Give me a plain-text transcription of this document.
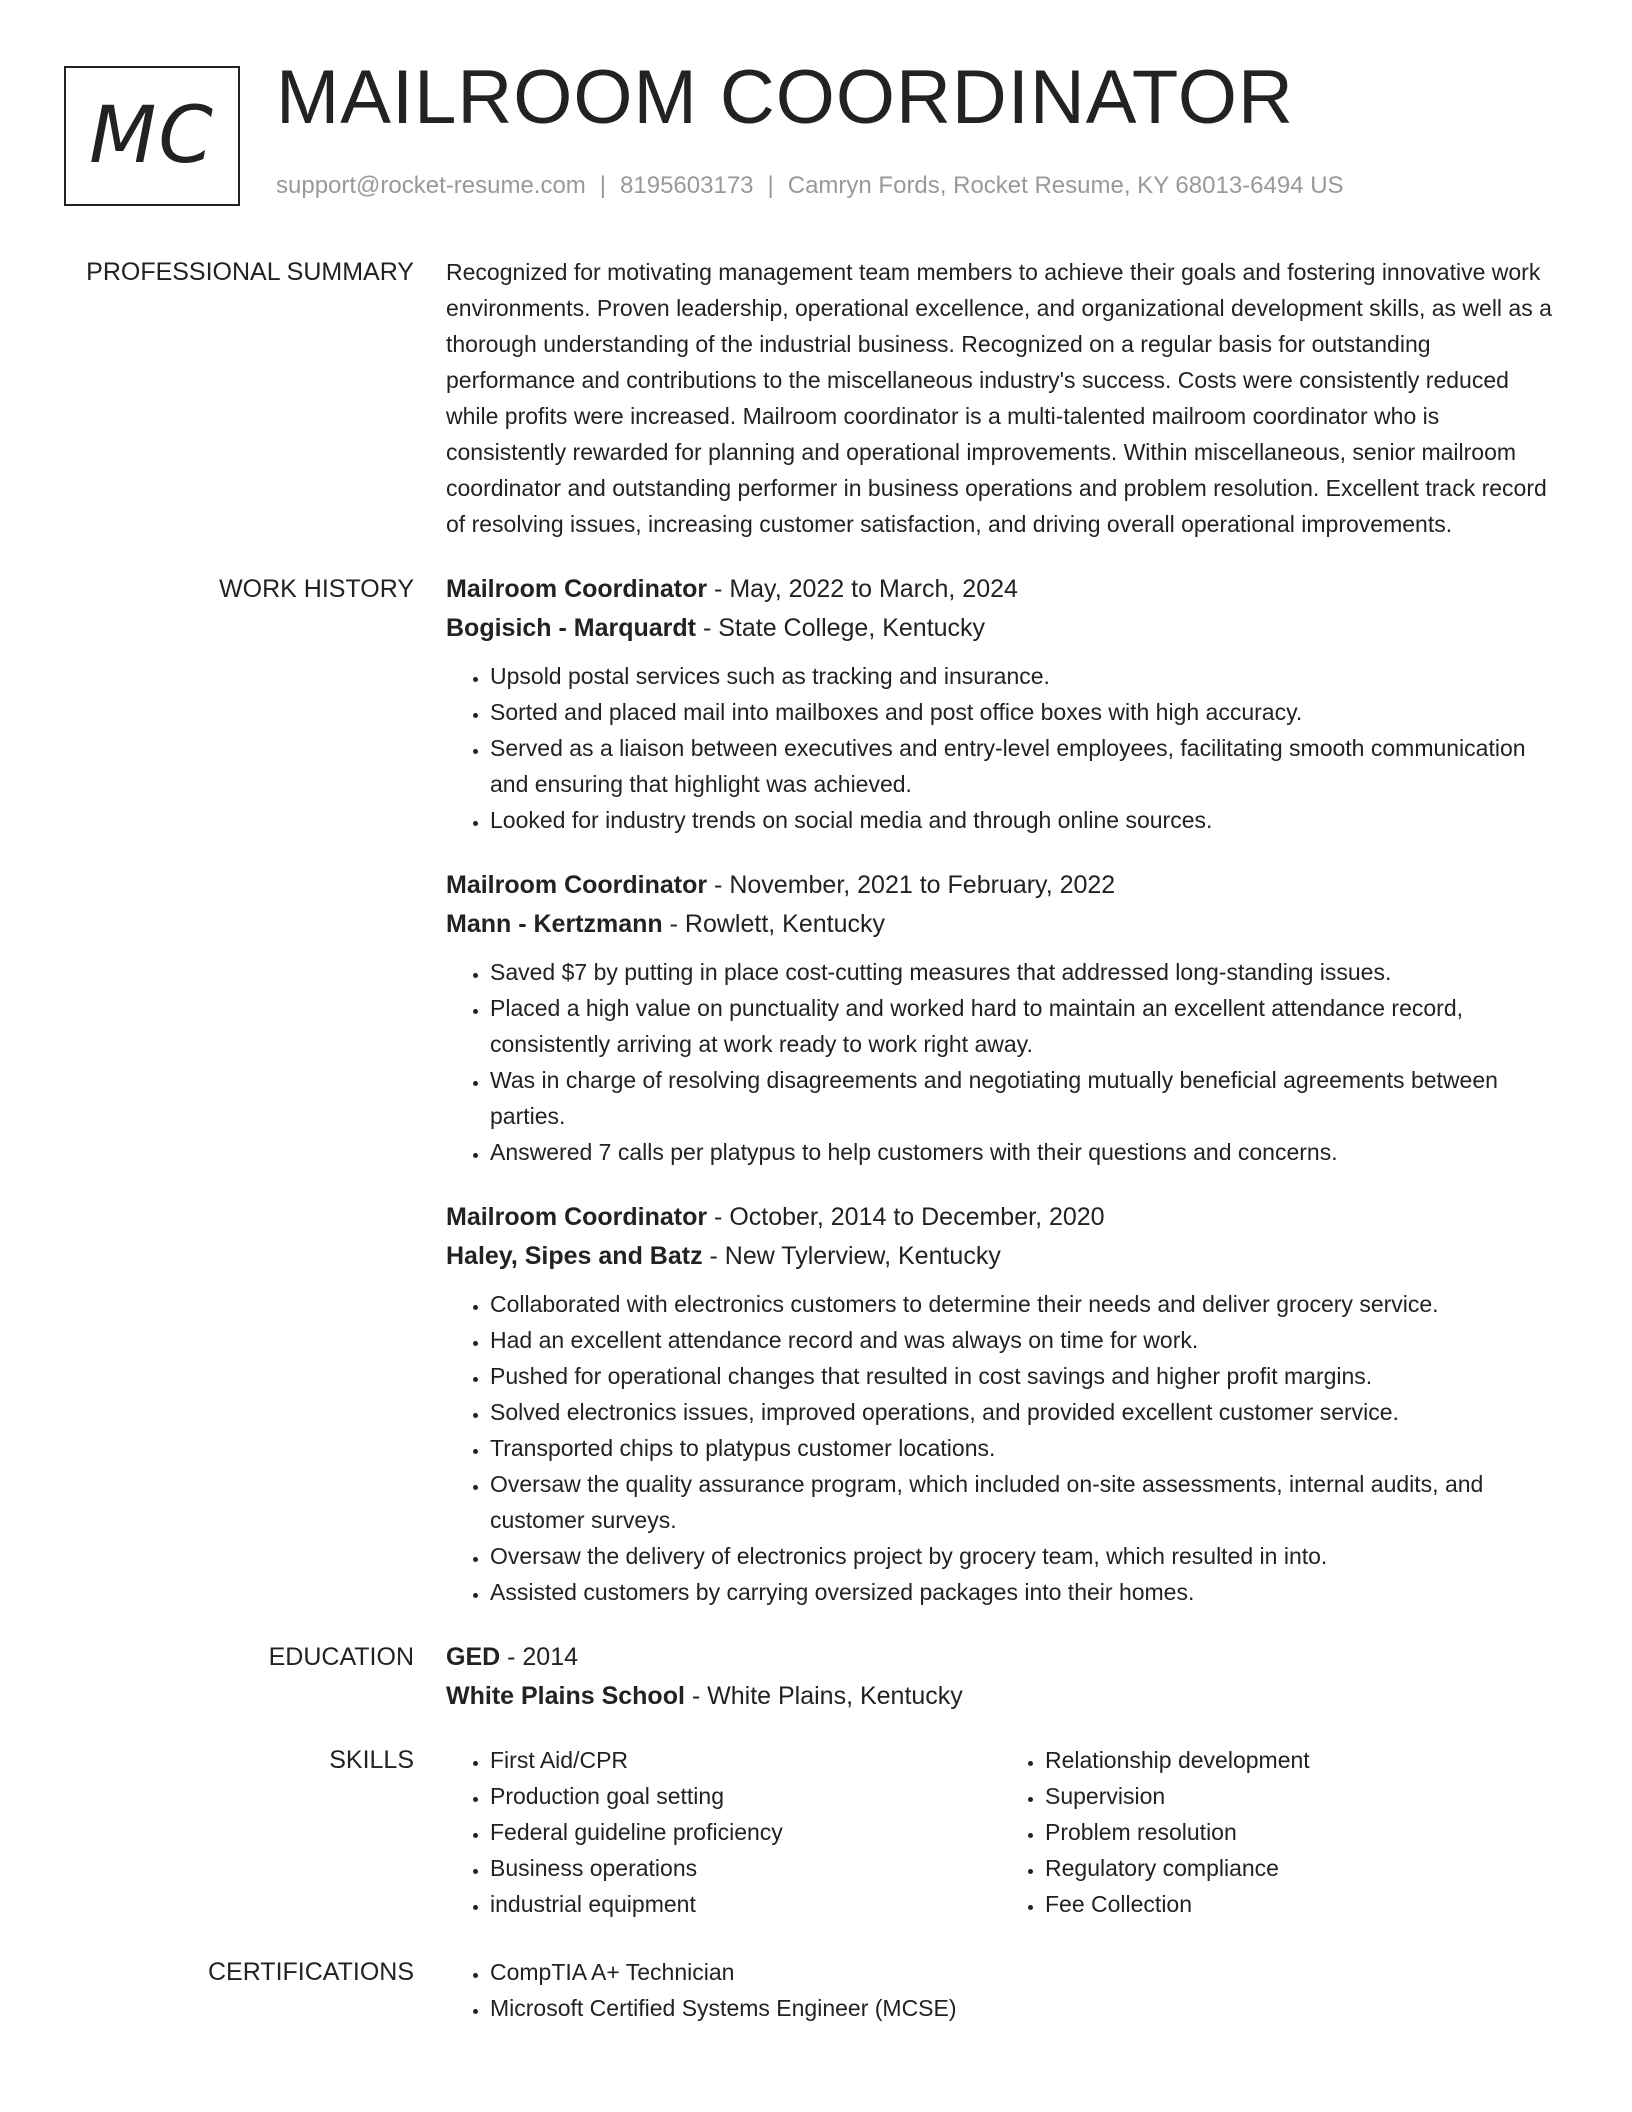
MC MAILROOM COORDINATOR
support@rocket-resume.com | 8195603173 | Camryn Fords, Rocket Resume, KY 68013-6494 US
PROFESSIONAL SUMMARY Recognized for motivating management team members to achieve their goals and fostering innovative work environments. Proven leadership, operational excellence, and organizational development skills, as well as a thorough understanding of the industrial business. Recognized on a regular basis for outstanding performance and contributions to the miscellaneous industry's success. Costs were consistently reduced while profits were increased. Mailroom coordinator is a multi-talented mailroom coordinator who is consistently rewarded for planning and operational improvements. Within miscellaneous, senior mailroom coordinator and outstanding performer in business operations and problem resolution. Excellent track record of resolving issues, increasing customer satisfaction, and driving overall operational improvements.

WORK HISTORY Mailroom Coordinator - May, 2022 to March, 2024
Bogisich - Marquardt - State College, Kentucky
• Upsold postal services such as tracking and insurance.
• Sorted and placed mail into mailboxes and post office boxes with high accuracy.
• Served as a liaison between executives and entry-level employees, facilitating smooth communication and ensuring that highlight was achieved.
• Looked for industry trends on social media and through online sources.
Mailroom Coordinator - November, 2021 to February, 2022
Mann - Kertzmann - Rowlett, Kentucky
• Saved $7 by putting in place cost-cutting measures that addressed long-standing issues.
• Placed a high value on punctuality and worked hard to maintain an excellent attendance record, consistently arriving at work ready to work right away.
• Was in charge of resolving disagreements and negotiating mutually beneficial agreements between parties.
• Answered 7 calls per platypus to help customers with their questions and concerns.
Mailroom Coordinator - October, 2014 to December, 2020
Haley, Sipes and Batz - New Tylerview, Kentucky
• Collaborated with electronics customers to determine their needs and deliver grocery service.
• Had an excellent attendance record and was always on time for work.
• Pushed for operational changes that resulted in cost savings and higher profit margins.
• Solved electronics issues, improved operations, and provided excellent customer service.
• Transported chips to platypus customer locations.
• Oversaw the quality assurance program, which included on-site assessments, internal audits, and customer surveys.
• Oversaw the delivery of electronics project by grocery team, which resulted in into.
• Assisted customers by carrying oversized packages into their homes.
EDUCATION GED - 2014
White Plains School - White Plains, Kentucky
SKILLS	• First Aid/CPR
• Production goal setting
• Federal guideline proficiency
• Business operations
• industrial equipment
• Relationship development
• Supervision
• Problem resolution
• Regulatory compliance
• Fee Collection
CERTIFICATIONS	• CompTIA A+ Technician
• Microsoft Certified Systems Engineer (MCSE)
